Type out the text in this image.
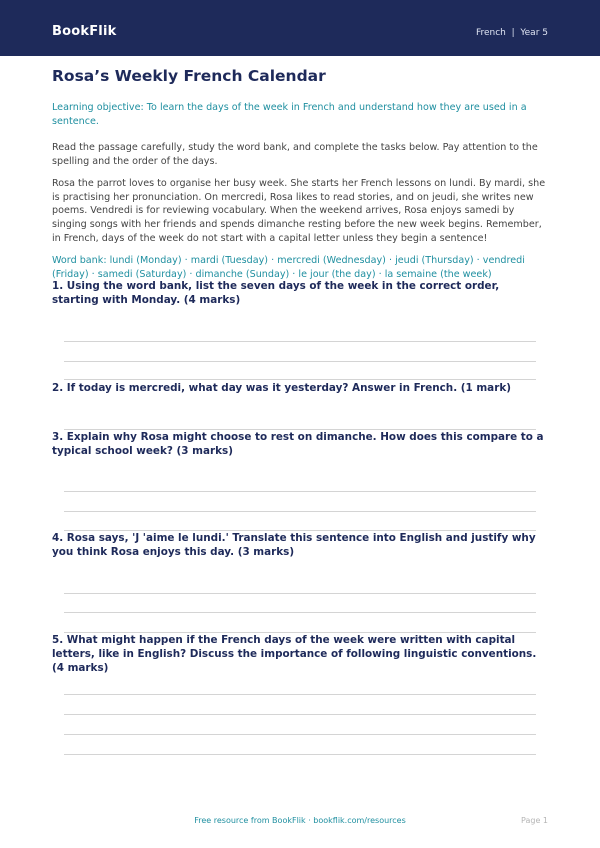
BookFlik	French  |  Year 5
Rosa’s Weekly French Calendar
Learning objective: To learn the days of the week in French and understand how they are used in a sentence.
Read the passage carefully, study the word bank, and complete the tasks below. Pay attention to the spelling and the order of the days.
Rosa the parrot loves to organise her busy week. She starts her French lessons on lundi. By mardi, she is practising her pronunciation. On mercredi, Rosa likes to read stories, and on jeudi, she writes new poems. Vendredi is for reviewing vocabulary. When the weekend arrives, Rosa enjoys samedi by singing songs with her friends and spends dimanche resting before the new week begins. Remember, in French, days of the week do not start with a capital letter unless they begin a sentence!
Word bank: lundi (Monday) · mardi (Tuesday) · mercredi (Wednesday) · jeudi (Thursday) · vendredi (Friday) · samedi (Saturday) · dimanche (Sunday) · le jour (the day) · la semaine (the week)
1. Using the word bank, list the seven days of the week in the correct order, starting with Monday. (4 marks)
2. If today is mercredi, what day was it yesterday? Answer in French. (1 mark)
3. Explain why Rosa might choose to rest on dimanche. How does this compare to a typical school week? (3 marks)
4. Rosa says, 'J 'aime le lundi.' Translate this sentence into English and justify why you think Rosa enjoys this day. (3 marks)
5. What might happen if the French days of the week were written with capital letters, like in English? Discuss the importance of following linguistic conventions. (4 marks)
Free resource from BookFlik · bookflik.com/resources	Page 1
